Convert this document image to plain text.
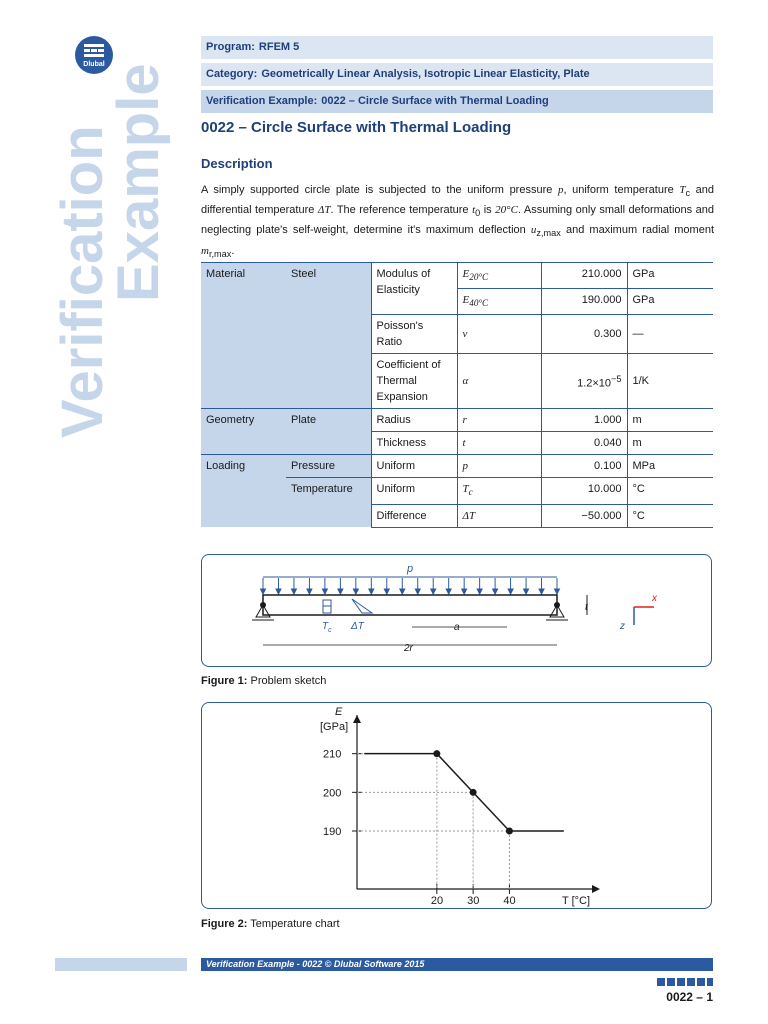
Dlubal
Verification
Example
Program: RFEM 5
Category: Geometrically Linear Analysis, Isotropic Linear Elasticity, Plate
Verification Example: 0022 – Circle Surface with Thermal Loading
0022 – Circle Surface with Thermal Loading
Description
A simply supported circle plate is subjected to the uniform pressure p, uniform temperature $T_c$ and differential temperature ΔT. The reference temperature $t_0$ is 20°C. Assuming only small deformations and neglecting plate's self-weight, determine it's maximum deflection $u_{z,max}$ and maximum radial moment $m_{r,max}$.
Material	Steel	Modulus of Elasticity	$E_{20^\circ C}$	210.000	GPa
			$E_{40^\circ C}$	190.000	GPa
		Poisson's Ratio	ν	0.300	—
		Coefficient of Thermal Expansion	α	$1.2\times 10^{-5}$	1/K
Geometry	Plate	Radius	r	1.000	m
		Thickness	t	0.040	m
Loading	Pressure	Uniform	p	0.100	MPa
	Temperature	Uniform	$T_c$	10.000	°C
		Difference	ΔT	−50.000	°C
p
$T_c$ ΔT	a
2r
t
x
z
Figure 1: Problem sketch
E
[GPa]
T [°C]
210
200
190
20 30 40
Figure 2: Temperature chart
Verification Example - 0022 © Dlubal Software 2015
0022 – 1
